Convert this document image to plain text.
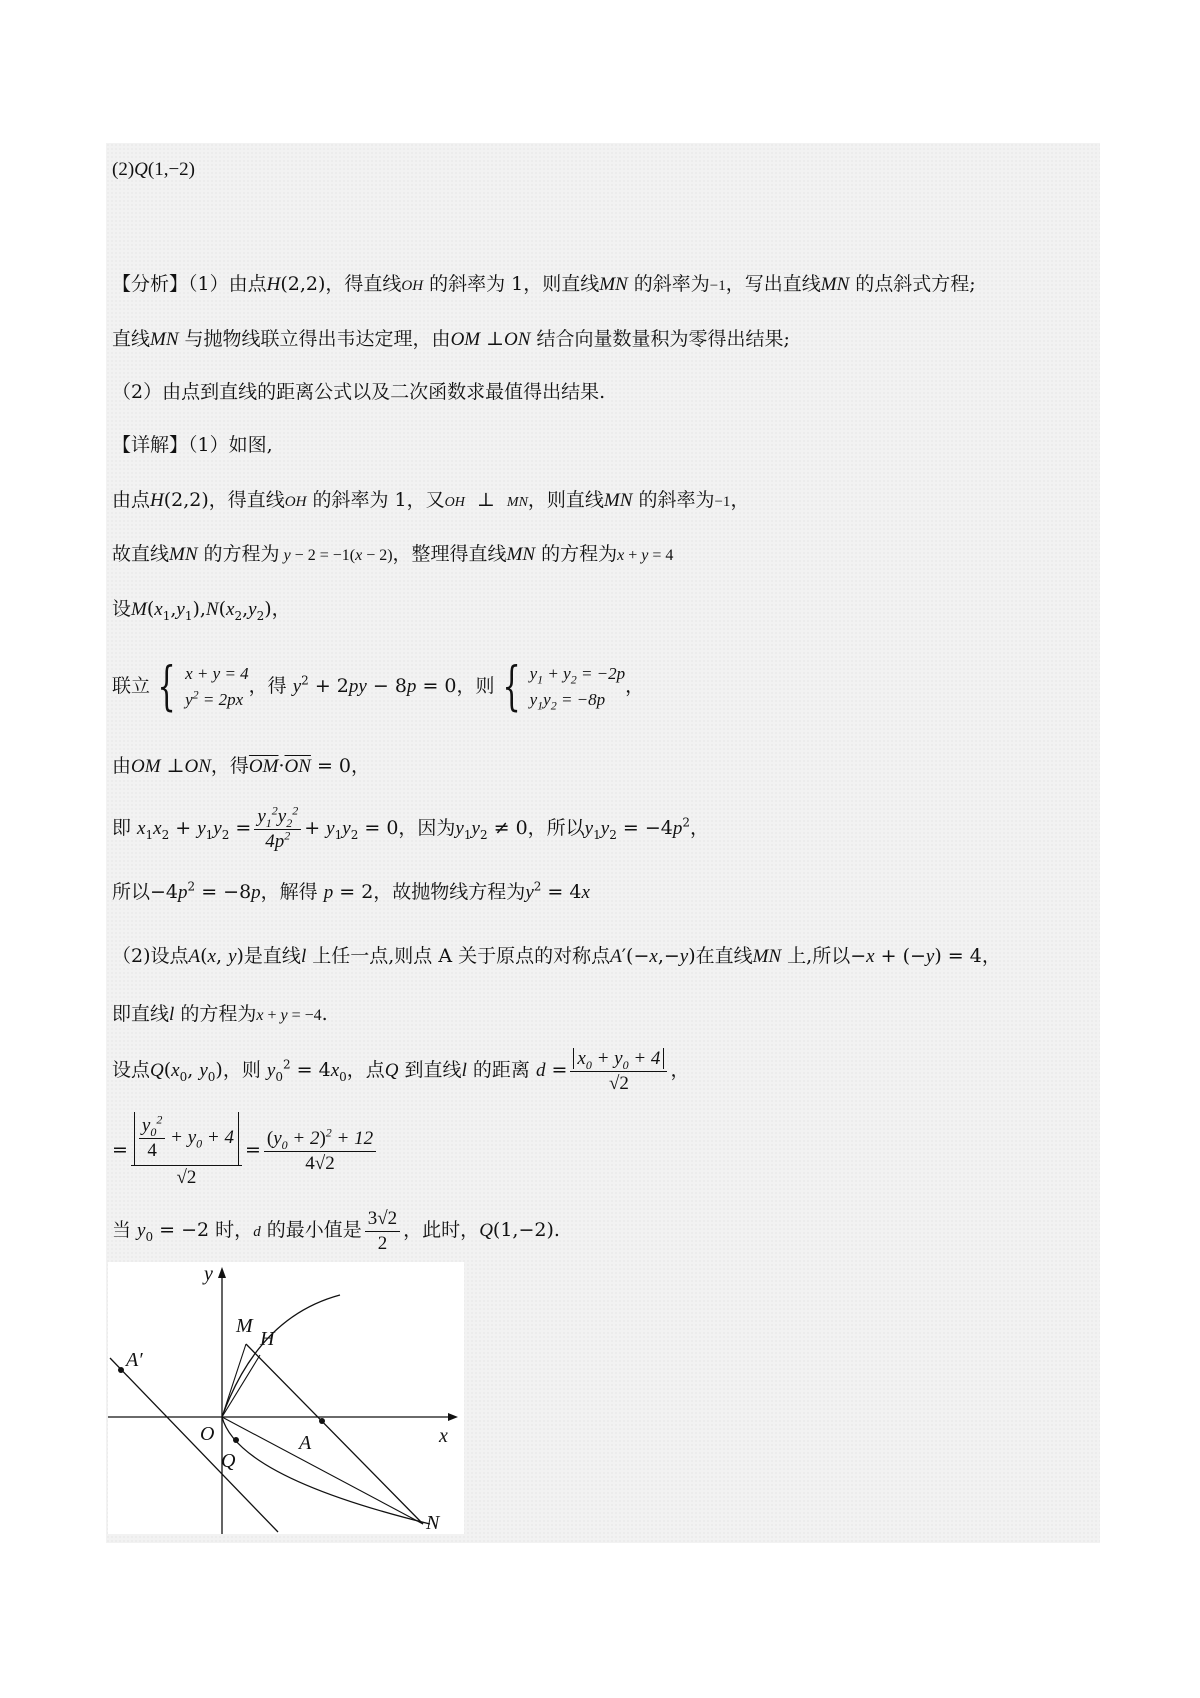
(2)Q(1,−2)
【分析】（1）由点H(2,2)，得直线OH 的斜率为 1，则直线MN 的斜率为−1，写出直线MN 的点斜式方程;
直线MN 与抛物线联立得出韦达定理，由OM ⊥ON 结合向量数量积为零得出结果;
（2）由点到直线的距离公式以及二次函数求最值得出结果.
【详解】（1）如图,
由点H(2,2)，得直线OH 的斜率为 1，又OH  ⊥  MN，则直线MN 的斜率为−1，
故直线MN 的方程为 y − 2 = −1(x − 2)，整理得直线MN 的方程为x + y = 4
设$M(x_1,y_1),N(x_2,y_2)$，
联立 { x + y = 4
$y^2 = 2px$
，得 $y^2 + 2py - 8p = 0$，则 { $y_1 + y_2 = -2p$
$y_1y_2 = -8p$
，
由OM ⊥ON，得$\overline{OM}\cdot\overline{ON} = 0$，
即 $x_1x_2 + y_1y_2 = \frac{y_1^2y_2^2}{4p^2} + y_1y_2 = 0$，因为$y_1y_2 \ne 0$，所以$y_1y_2 = -4p^2$，
所以$-4p^2 = -8p$，解得 p = 2，故抛物线方程为$y^2 = 4x$
（2)设点A(x, y)是直线l 上任一点,则点 A 关于原点的对称点A′(−x,−y)在直线MN 上,所以−x + (−y) = 4，
即直线l 的方程为x + y = −4.
设点$Q(x_0$, $y_0$)，则 $y_0^2 = 4x_0$，点Q 到直线l 的距离 $d = \frac{x_0 + y_0 + 4}{√2}$ ，
= $\frac{\frac{y_0^2}{4} + y_0 + 4}{√2} = \frac{(y_0 + 2)^2 + 12}{4√2}$
当 $y_0 = -2$ 时，d 的最小值是 $\frac{3√2}{2}$ ，此时，Q(1,−2).
y
x
O
M
H
A′
A
Q
N
